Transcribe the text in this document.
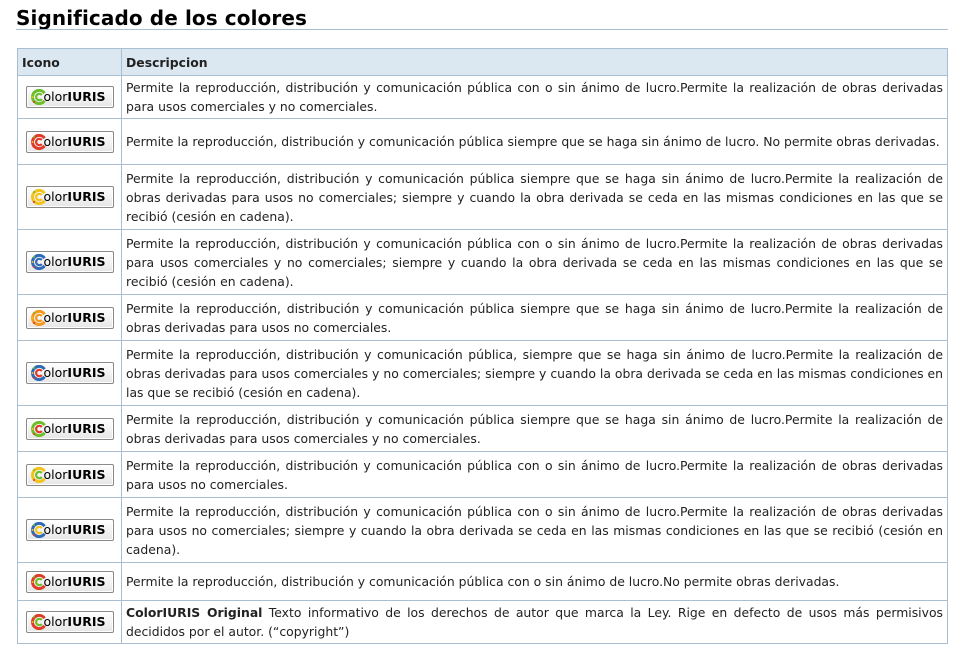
Significado de los colores
Icono	Descripcion

olorIURIS	Permite la reproducción, distribución y comunicación pública con o sin ánimo de lucro.Permite la realización de obras derivadas para usos comerciales y no comerciales.

olorIURIS	Permite la reproducción, distribución y comunicación pública siempre que se haga sin ánimo de lucro. No permite obras derivadas.

olorIURIS	Permite la reproducción, distribución y comunicación pública siempre que se haga sin ánimo de lucro.Permite la realización de obras derivadas para usos no comerciales; siempre y cuando la obra derivada se ceda en las mismas condiciones en las que se recibió (cesión en cadena).

olorIURIS	Permite la reproducción, distribución y comunicación pública con o sin ánimo de lucro.Permite la realización de obras derivadas para usos comerciales y no comerciales; siempre y cuando la obra derivada se ceda en las mismas condiciones en las que se recibió (cesión en cadena).

olorIURIS	Permite la reproducción, distribución y comunicación pública siempre que se haga sin ánimo de lucro.Permite la realización de obras derivadas para usos no comerciales.

olorIURIS	Permite la reproducción, distribución y comunicación pública, siempre que se haga sin ánimo de lucro.Permite la realización de obras derivadas para usos comerciales y no comerciales; siempre y cuando la obra derivada se ceda en las mismas condiciones en las que se recibió (cesión en cadena).

olorIURIS	Permite la reproducción, distribución y comunicación pública siempre que se haga sin ánimo de lucro.Permite la realización de obras derivadas para usos comerciales y no comerciales.

olorIURIS	Permite la reproducción, distribución y comunicación pública con o sin ánimo de lucro.Permite la realización de obras derivadas para usos no comerciales.

olorIURIS	Permite la reproducción, distribución y comunicación pública con o sin ánimo de lucro.Permite la realización de obras derivadas para usos no comerciales; siempre y cuando la obra derivada se ceda en las mismas condiciones en las que se recibió (cesión en cadena).

olorIURIS	Permite la reproducción, distribución y comunicación pública con o sin ánimo de lucro.No permite obras derivadas.

olorIURIS	ColorIURIS Original Texto informativo de los derechos de autor que marca la Ley. Rige en defecto de usos más permisivos decididos por el autor. (“copyright”)
